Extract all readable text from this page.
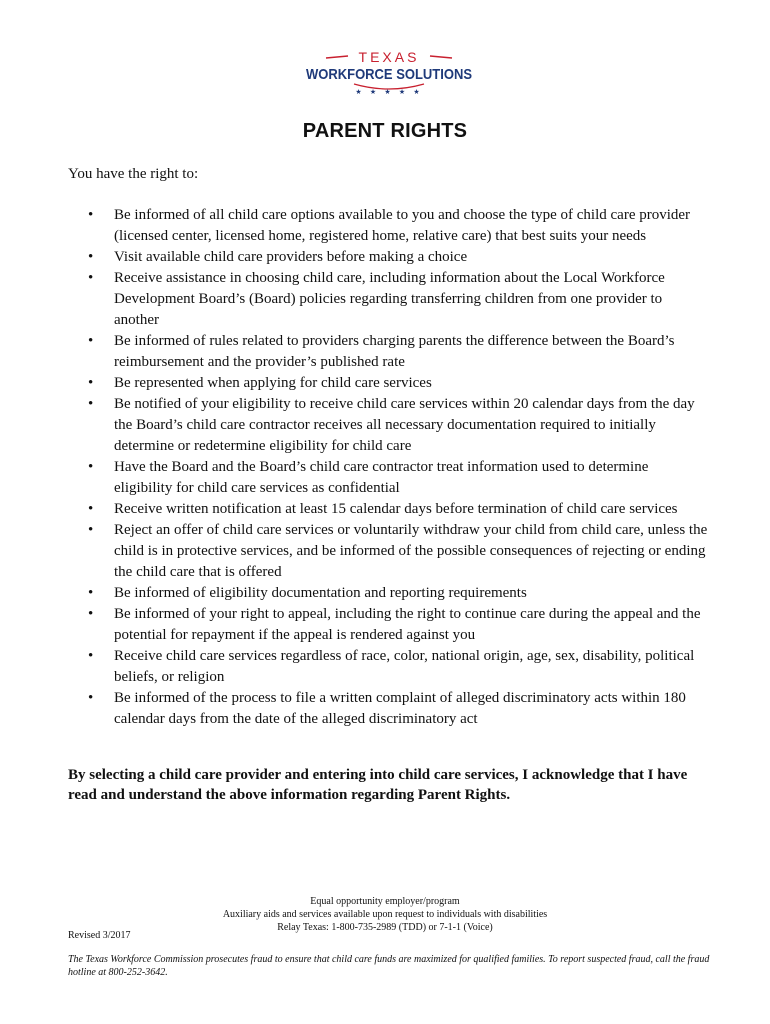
TEXAS
WORKFORCE SOLUTIONS
★ ★ ★ ★ ★
PARENT RIGHTS
You have the right to:
• Be informed of all child care options available to you and choose the type of child care provider (licensed center, licensed home, registered home, relative care) that best suits your needs
• Visit available child care providers before making a choice
• Receive assistance in choosing child care, including information about the Local Workforce Development Board’s (Board) policies regarding transferring children from one provider to another
• Be informed of rules related to providers charging parents the difference between the Board’s reimbursement and the provider’s published rate
• Be represented when applying for child care services
• Be notified of your eligibility to receive child care services within 20 calendar days from the day the Board’s child care contractor receives all necessary documentation required to initially determine or redetermine eligibility for child care
• Have the Board and the Board’s child care contractor treat information used to determine eligibility for child care services as confidential
• Receive written notification at least 15 calendar days before termination of child care services
• Reject an offer of child care services or voluntarily withdraw your child from child care, unless the child is in protective services, and be informed of the possible consequences of rejecting or ending the child care that is offered
• Be informed of eligibility documentation and reporting requirements
• Be informed of your right to appeal, including the right to continue care during the appeal and the potential for repayment if the appeal is rendered against you
• Receive child care services regardless of race, color, national origin, age, sex, disability, political beliefs, or religion
• Be informed of the process to file a written complaint of alleged discriminatory acts within 180 calendar days from the date of the alleged discriminatory act
By selecting a child care provider and entering into child care services, I acknowledge that I have read and understand the above information regarding Parent Rights.
Equal opportunity employer/program
Auxiliary aids and services available upon request to individuals with disabilities
Relay Texas: 1-800-735-2989 (TDD) or 7-1-1 (Voice)
Revised 3/2017
The Texas Workforce Commission prosecutes fraud to ensure that child care funds are maximized for qualified families. To report suspected fraud, call the fraud hotline at 800-252-3642.
